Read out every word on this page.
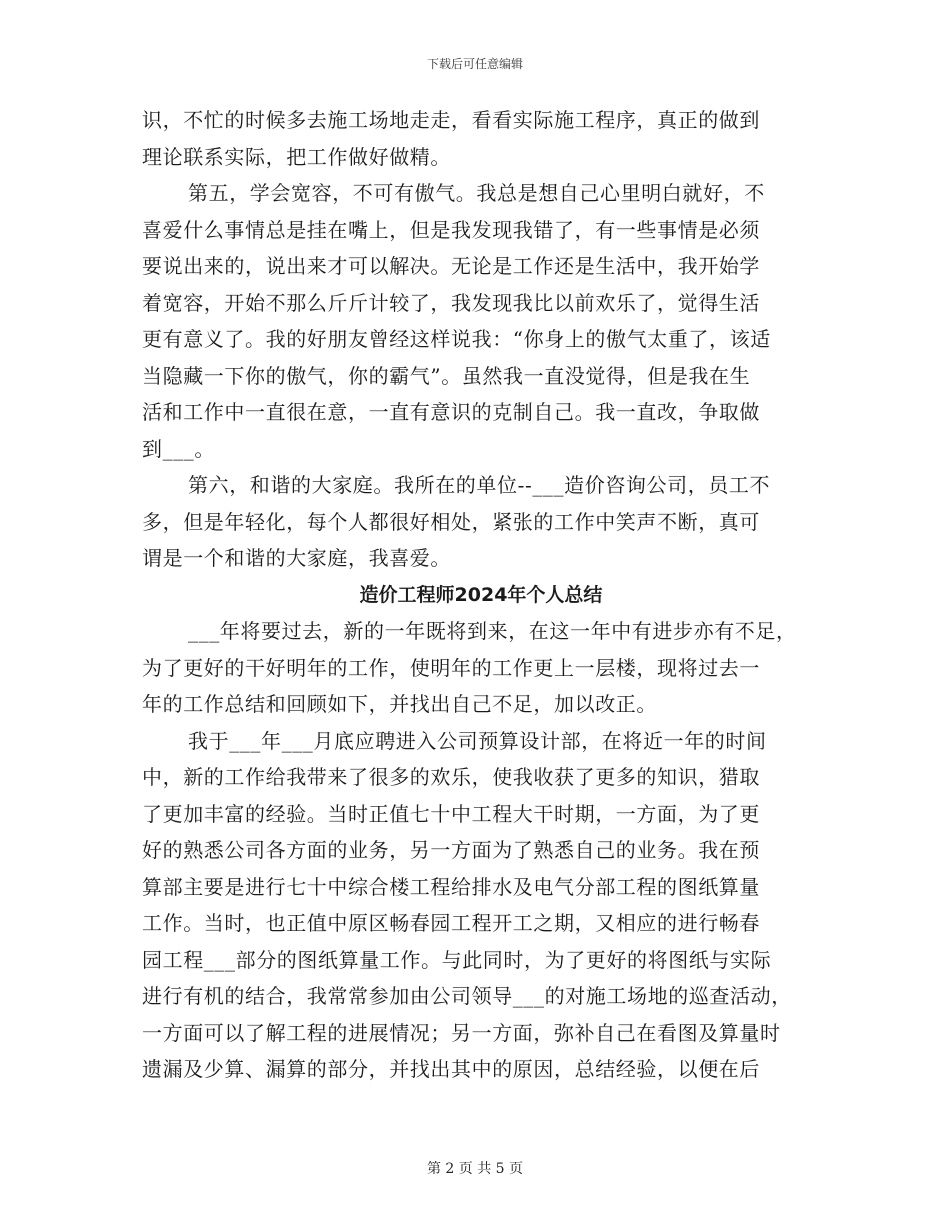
下载后可任意编辑
识，不忙的时候多去施工场地走走，看看实际施工程序，真正的做到
理论联系实际，把工作做好做精。
第五，学会宽容，不可有傲气。我总是想自己心里明白就好，不
喜爱什么事情总是挂在嘴上，但是我发现我错了，有一些事情是必须
要说出来的，说出来才可以解决。无论是工作还是生活中，我开始学
着宽容，开始不那么斤斤计较了，我发现我比以前欢乐了，觉得生活
更有意义了。我的好朋友曾经这样说我：“你身上的傲气太重了，该适
当隐藏一下你的傲气，你的霸气”。虽然我一直没觉得，但是我在生
活和工作中一直很在意，一直有意识的克制自己。我一直改，争取做
到___。
第六，和谐的大家庭。我所在的单位--___造价咨询公司，员工不
多，但是年轻化，每个人都很好相处，紧张的工作中笑声不断，真可
谓是一个和谐的大家庭，我喜爱。
造价工程师2024年个人总结
___年将要过去，新的一年既将到来，在这一年中有进步亦有不足，
为了更好的干好明年的工作，使明年的工作更上一层楼，现将过去一
年的工作总结和回顾如下，并找出自己不足，加以改正。
我于___年___月底应聘进入公司预算设计部，在将近一年的时间
中，新的工作给我带来了很多的欢乐，使我收获了更多的知识，猎取
了更加丰富的经验。当时正值七十中工程大干时期，一方面，为了更
好的熟悉公司各方面的业务，另一方面为了熟悉自己的业务。我在预
算部主要是进行七十中综合楼工程给排水及电气分部工程的图纸算量
工作。当时，也正值中原区畅春园工程开工之期，又相应的进行畅春
园工程___部分的图纸算量工作。与此同时，为了更好的将图纸与实际
进行有机的结合，我常常参加由公司领导___的对施工场地的巡查活动，
一方面可以了解工程的进展情况；另一方面，弥补自己在看图及算量时
遗漏及少算、漏算的部分，并找出其中的原因，总结经验，以便在后
第 2 页 共 5 页
